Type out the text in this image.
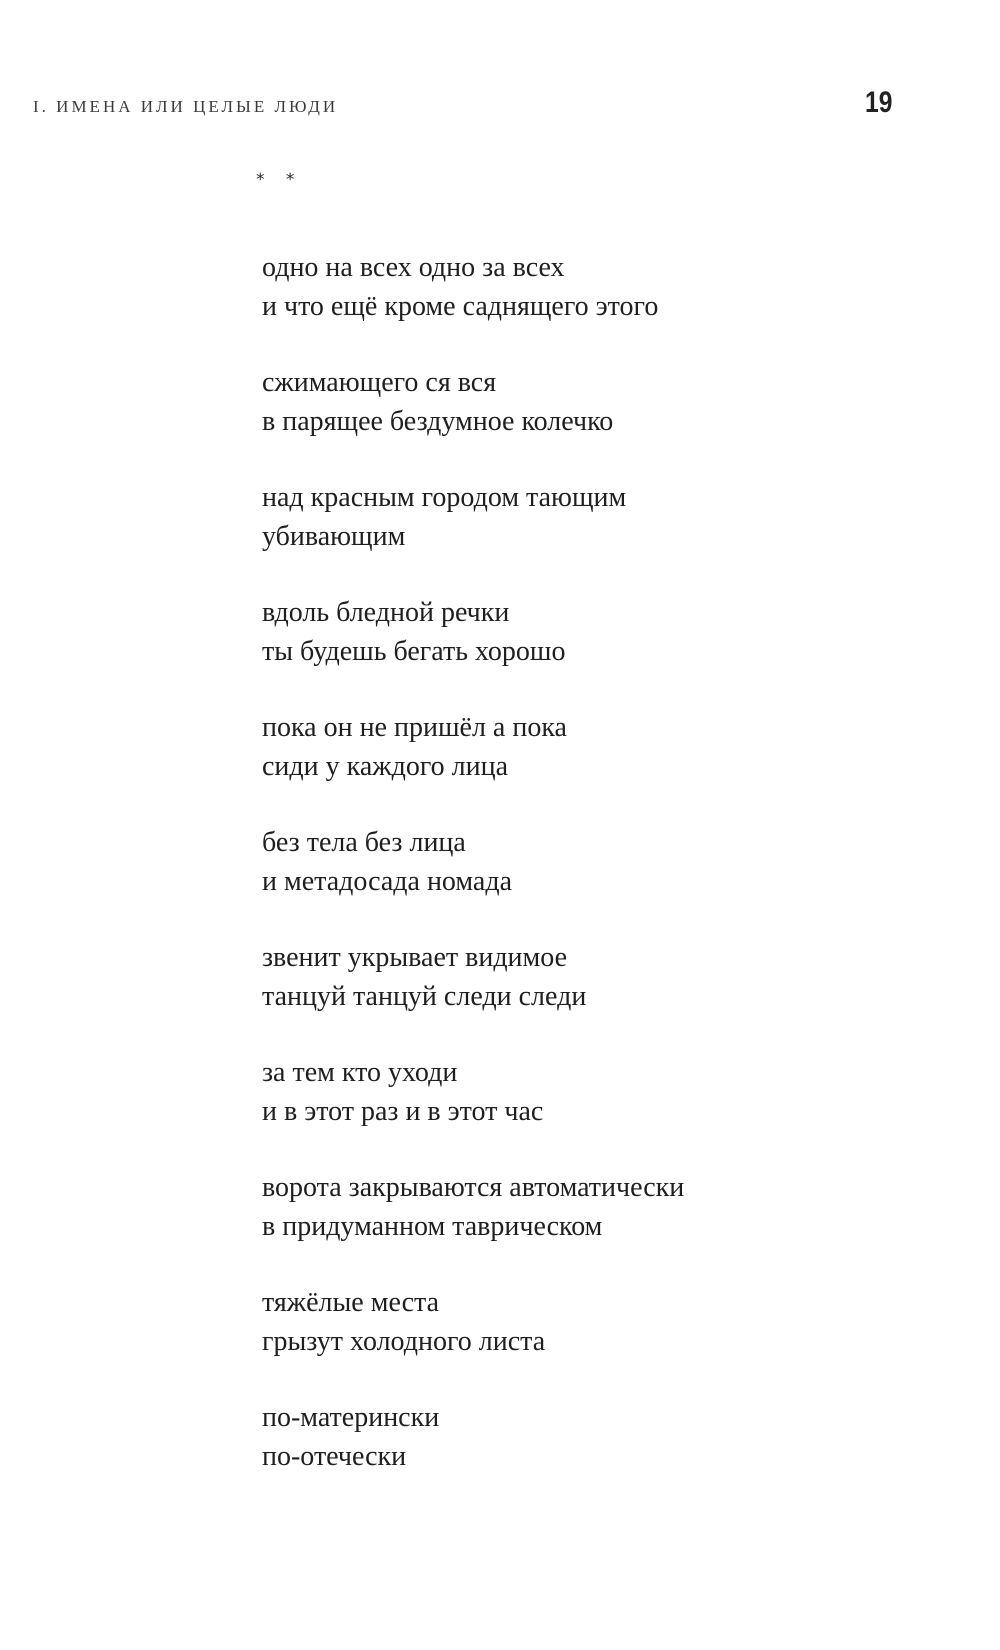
I. ИМЕНА ИЛИ ЦЕЛЫЕ ЛЮДИ	19
* *
одно на всех одно за всех
и что ещё кроме саднящего этого
сжимающего ся вся
в парящее бездумное колечко
над красным городом тающим
убивающим
вдоль бледной речки
ты будешь бегать хорошо
пока он не пришёл а пока
сиди у каждого лица
без тела без лица
и метадосада номада
звенит укрывает видимое
танцуй танцуй следи следи
за тем кто уходи
и в этот раз и в этот час
ворота закрываются автоматически
в придуманном таврическом
тяжёлые места
грызут холодного листа
по-матерински
по-отечески
